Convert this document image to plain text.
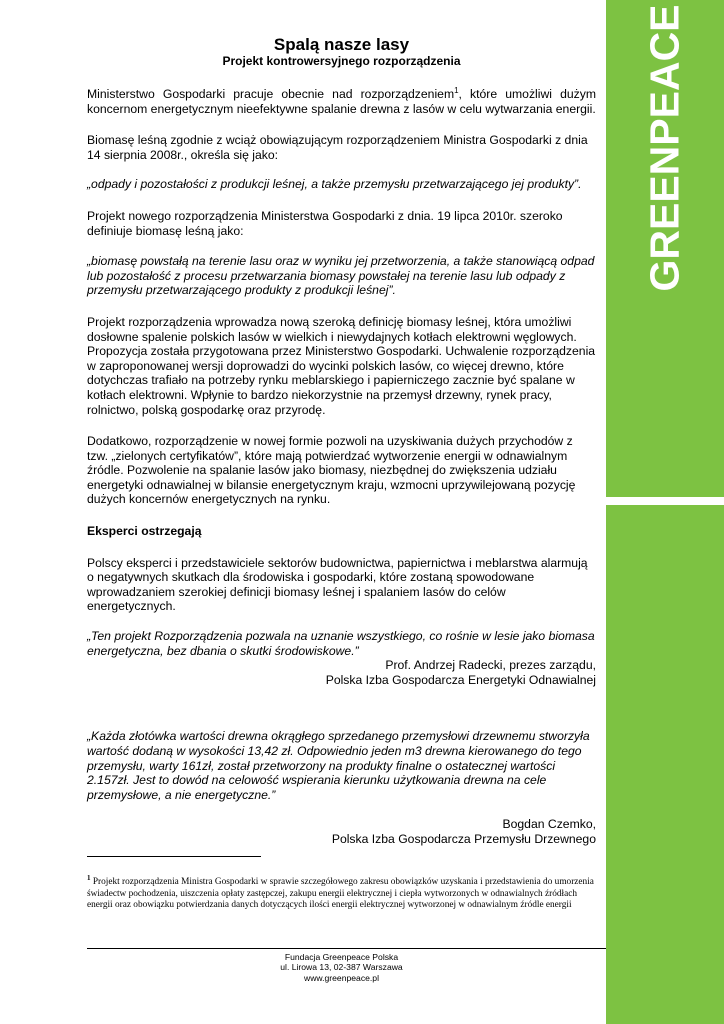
GREENPEACE
Spalą nasze lasy

Projekt kontrowersyjnego rozporządzenia

Ministerstwo Gospodarki pracuje obecnie nad rozporządzeniem$^1$, które umożliwi dużym koncernom energetycznym nieefektywne spalanie drewna z lasów w celu wytwarzania energii.

Biomasę leśną zgodnie z wciąż obowiązującym rozporządzeniem Ministra Gospodarki z dnia 14 sierpnia 2008r., określa się jako:

„odpady i pozostałości z produkcji leśnej, a także przemysłu przetwarzającego jej produkty”.

Projekt nowego rozporządzenia Ministerstwa Gospodarki z dnia. 19 lipca 2010r. szeroko definiuje biomasę leśną jako:

„biomasę powstałą na terenie lasu oraz w wyniku jej przetworzenia, a także stanowiącą odpad lub pozostałość z procesu przetwarzania biomasy powstałej na terenie lasu lub odpady z przemysłu przetwarzającego produkty z produkcji leśnej”.

Projekt rozporządzenia wprowadza nową szeroką definicję biomasy leśnej, która umożliwi dosłowne spalenie polskich lasów w wielkich i niewydajnych kotłach elektrowni węglowych. Propozycja została przygotowana przez Ministerstwo Gospodarki. Uchwalenie rozporządzenia w zaproponowanej wersji doprowadzi do wycinki polskich lasów, co więcej drewno, które dotychczas trafiało na potrzeby rynku meblarskiego i papierniczego zacznie być spalane w kotłach elektrowni. Wpłynie to bardzo niekorzystnie na przemysł drzewny, rynek pracy, rolnictwo, polską gospodarkę oraz przyrodę.

Dodatkowo, rozporządzenie w nowej formie pozwoli na uzyskiwania dużych przychodów z tzw. „zielonych certyfikatów”, które mają potwierdzać wytworzenie energii w odnawialnym źródle. Pozwolenie na spalanie lasów jako biomasy, niezbędnej do zwiększenia udziału energetyki odnawialnej w bilansie energetycznym kraju, wzmocni uprzywilejowaną pozycję dużych koncernów energetycznych na rynku.

Eksperci ostrzegają

Polscy eksperci i przedstawiciele sektorów budownictwa, papiernictwa i meblarstwa alarmują o negatywnych skutkach dla środowiska i gospodarki, które zostaną spowodowane wprowadzaniem szerokiej definicji biomasy leśnej i spalaniem lasów do celów energetycznych.

„Ten projekt Rozporządzenia pozwala na uznanie wszystkiego, co rośnie w lesie jako biomasa energetyczna, bez dbania o skutki środowiskowe.”

Prof. Andrzej Radecki, prezes zarządu,

Polska Izba Gospodarcza Energetyki Odnawialnej

„Każda złotówka wartości drewna okrągłego sprzedanego przemysłowi drzewnemu stworzyła wartość dodaną w wysokości 13,42 zł. Odpowiednio jeden m3 drewna kierowanego do tego przemysłu, warty 161zł, został przetworzony na produkty finalne o ostatecznej wartości 2.157zł. Jest to dowód na celowość wspierania kierunku użytkowania drewna na cele przemysłowe, a nie energetyczne.”

Bogdan Czemko,

Polska Izba Gospodarcza Przemysłu Drzewnego

$^1$ Projekt rozporządzenia Ministra Gospodarki w sprawie szczegółowego zakresu obowiązków uzyskania i przedstawienia do umorzenia świadectw pochodzenia, uiszczenia opłaty zastępczej, zakupu energii elektrycznej i ciepła wytworzonych w odnawialnych źródłach energii oraz obowiązku potwierdzania danych dotyczących ilości energii elektrycznej wytworzonej w odnawialnym źródle energii
Fundacja Greenpeace Polska
ul. Lirowa 13, 02-387 Warszawa
www.greenpeace.pl
